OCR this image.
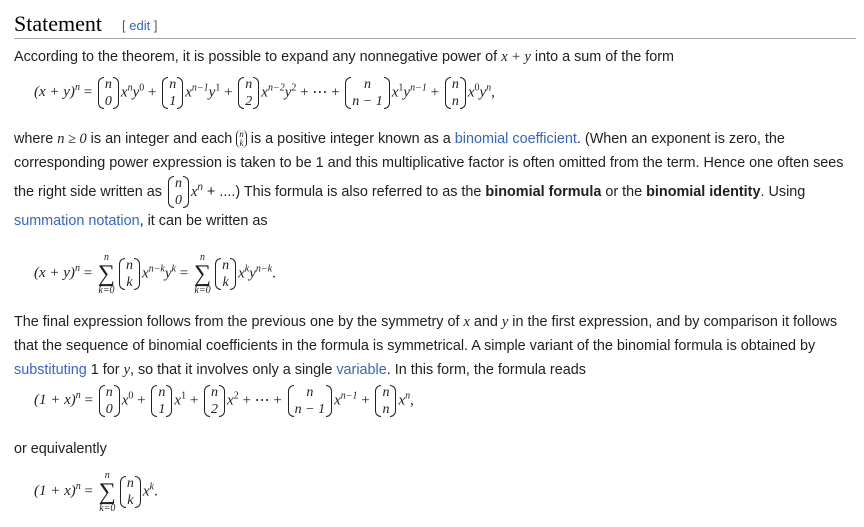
Statement [ edit ]
According to the theorem, it is possible to expand any nonnegative power of x + y into a sum of the form
$(x + y)^n = n$
0
$x^ny^0 + n$
1
$x^{n-1}y^1 + n$
2
$x^{n-2}y^2$ + ⋯ +	n
n − 1
$x^1y^{n-1} + n$
n
$x^0y^n$,
where n ≥ 0 is an integer and each n
k is a positive integer known as a binomial coefficient. (When an exponent is zero, the corresponding power expression is taken to be 1 and this multiplicative factor is often omitted from the term. Hence one often sees the right side written as
n
0
$x^n$ + ....) This formula is also referred to as the binomial formula or the binomial identity. Using summation notation, it can be written as
$(x + y)^n$ =
n
∑
k=0
n
k
$x^{n-k}y^k$ =
n
∑
k=0
n
k
$x^ky^{n-k}$.
The final expression follows from the previous one by the symmetry of x and y in the first expression, and by comparison it follows that the sequence of binomial coefficients in the formula is symmetrical. A simple variant of the binomial formula is obtained by substituting 1 for y, so that it involves only a single variable. In this form, the formula reads
$(1 + x)^n = n$
0
$x^0 + n$
1
$x^1 + n$
2
$x^2$ + ⋯ +	n
n − 1
$x^{n-1} + n$
n
$x^n$,
or equivalently
$(1 + x)^n$ =
n
∑
k=0
n
k
$x^k$.
